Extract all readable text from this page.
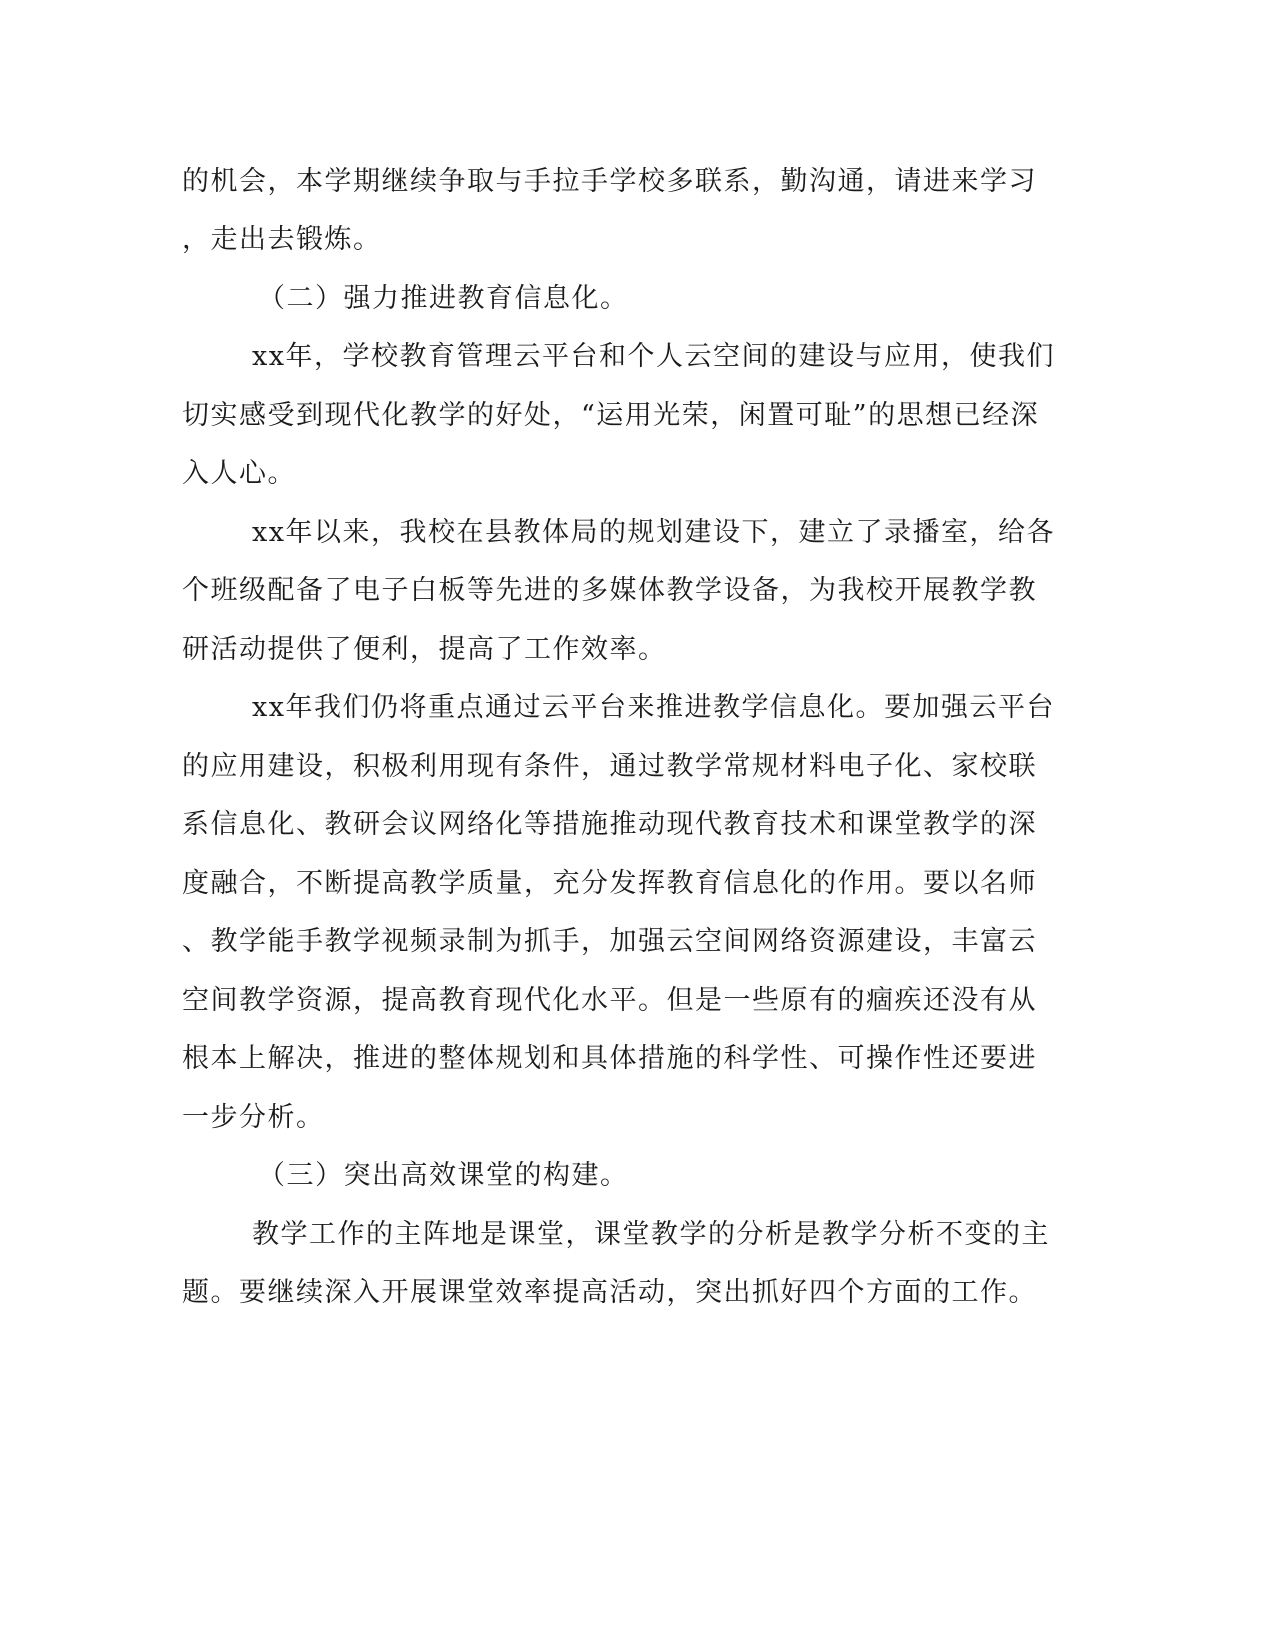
的机会，本学期继续争取与手拉手学校多联系，勤沟通，请进来学习
，走出去锻炼。
（二）强力推进教育信息化。
xx年，学校教育管理云平台和个人云空间的建设与应用，使我们
切实感受到现代化教学的好处，“运用光荣，闲置可耻”的思想已经深
入人心。
xx年以来，我校在县教体局的规划建设下，建立了录播室，给各
个班级配备了电子白板等先进的多媒体教学设备，为我校开展教学教
研活动提供了便利，提高了工作效率。
xx年我们仍将重点通过云平台来推进教学信息化。要加强云平台
的应用建设，积极利用现有条件，通过教学常规材料电子化、家校联
系信息化、教研会议网络化等措施推动现代教育技术和课堂教学的深
度融合，不断提高教学质量，充分发挥教育信息化的作用。要以名师
、教学能手教学视频录制为抓手，加强云空间网络资源建设，丰富云
空间教学资源，提高教育现代化水平。但是一些原有的痼疾还没有从
根本上解决，推进的整体规划和具体措施的科学性、可操作性还要进
一步分析。
（三）突出高效课堂的构建。
教学工作的主阵地是课堂，课堂教学的分析是教学分析不变的主
题。要继续深入开展课堂效率提高活动，突出抓好四个方面的工作。
